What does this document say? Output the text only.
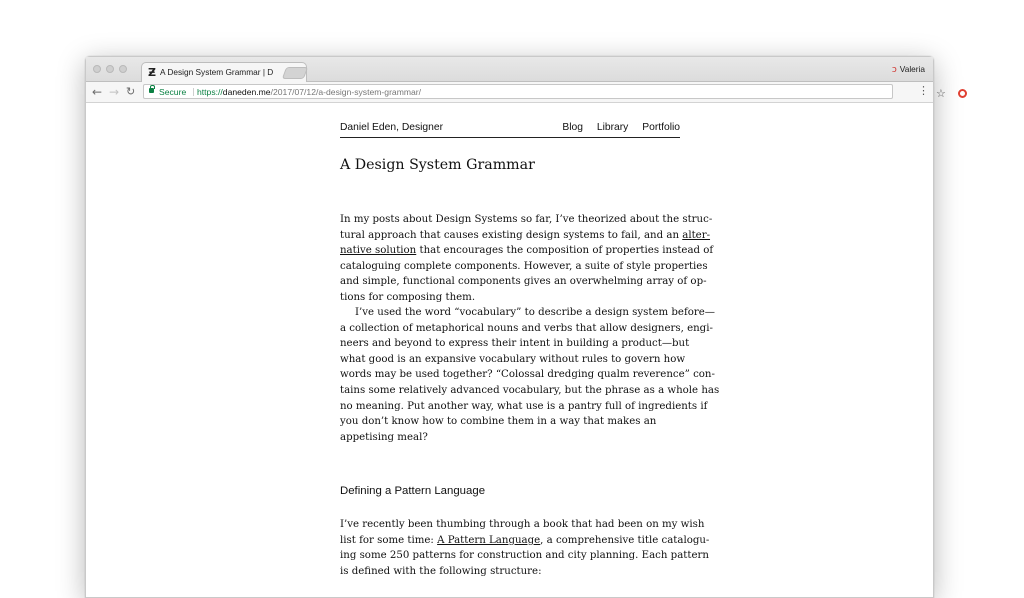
Ƶ A Design System Grammar | D	ↄ Valeria
← → ↻	Secure https://daneden.me/2017/07/12/a-design-system-grammar/	☆
⋮
Daniel Eden, Designer	Blog Library Portfolio
A Design System Grammar
In my posts about Design Systems so far, I’ve theorized about the struc-
tural approach that causes existing design systems to fail, and an alter-
native solution that encourages the composition of properties instead of
cataloguing complete components. However, a suite of style properties
and simple, functional components gives an overwhelming array of op-
tions for composing them.
I’ve used the word “vocabulary” to describe a design system before—
a collection of metaphorical nouns and verbs that allow designers, engi-
neers and beyond to express their intent in building a product—but
what good is an expansive vocabulary without rules to govern how
words may be used together? “Colossal dredging qualm reverence” con-
tains some relatively advanced vocabulary, but the phrase as a whole has
no meaning. Put another way, what use is a pantry full of ingredients if
you don’t know how to combine them in a way that makes an
appetising meal?
Defining a Pattern Language
I’ve recently been thumbing through a book that had been on my wish
list for some time: A Pattern Language, a comprehensive title catalogu-
ing some 250 patterns for construction and city planning. Each pattern
is defined with the following structure:
